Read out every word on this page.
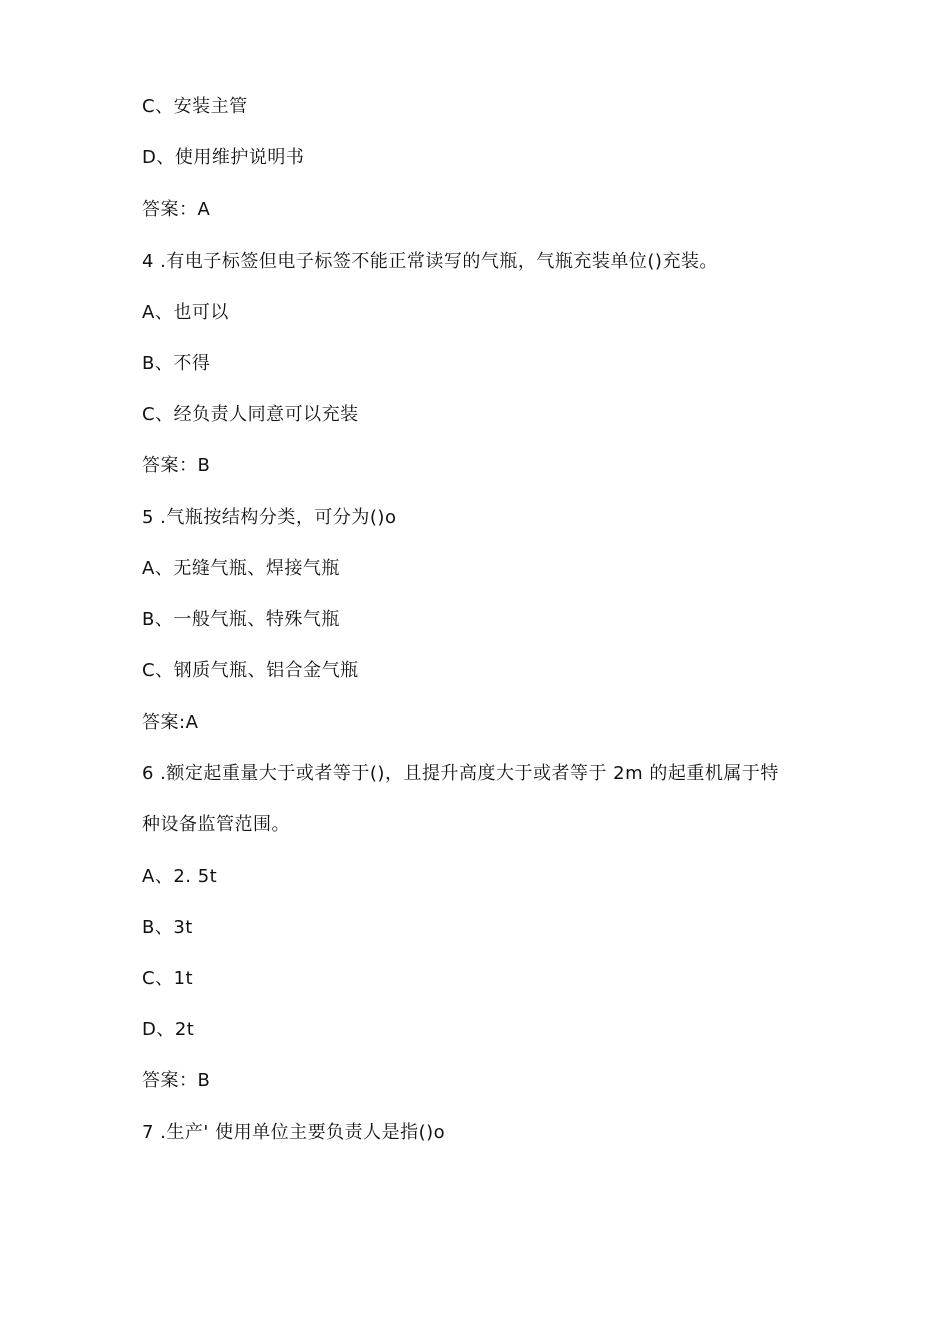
C、安装主管
D、使用维护说明书
答案：A
4 .有电子标签但电子标签不能正常读写的气瓶，气瓶充装单位()充装。
A、也可以
B、不得
C、经负责人同意可以充装
答案：B
5 .气瓶按结构分类，可分为()o
A、无缝气瓶、焊接气瓶
B、一般气瓶、特殊气瓶
C、钢质气瓶、铝合金气瓶
答案:A
6 .额定起重量大于或者等于()，且提升高度大于或者等于 2m 的起重机属于特
种设备监管范围。
A、2. 5t
B、3t
C、1t
D、2t
答案：B
7 .生产' 使用单位主要负责人是指()o
